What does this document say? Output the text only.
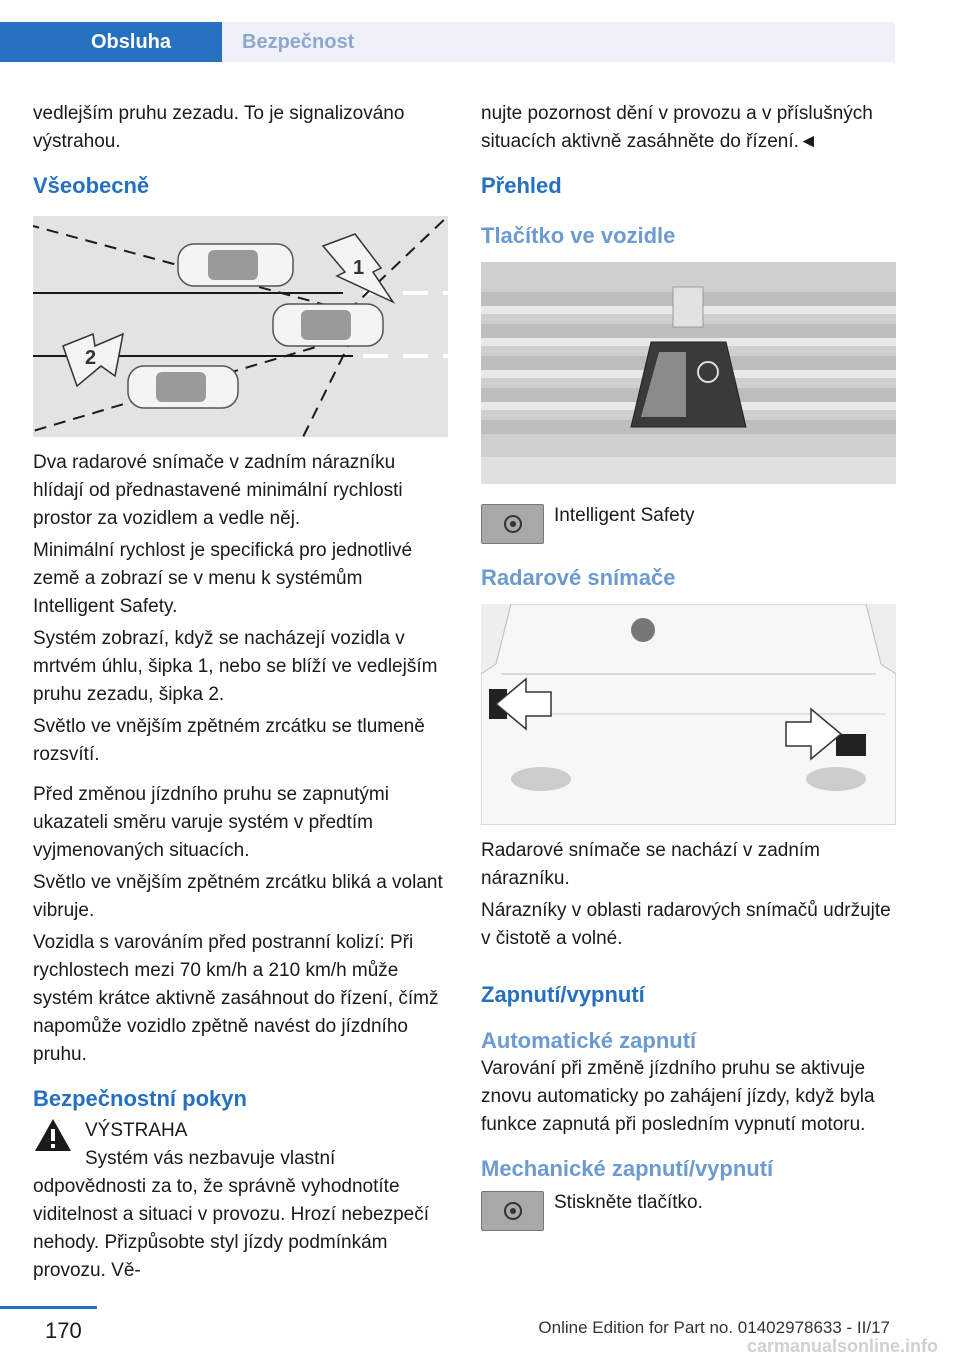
Obsluha	Bezpečnost

vedlejším pruhu zezadu. To je signalizováno výstrahou.

Všeobecně
1
2

Dva radarové snímače v zadním nárazníku hlídají od přednastavené minimální rychlosti prostor za vozidlem a vedle něj.

Minimální rychlost je specifická pro jednotlivé země a zobrazí se v menu k systémům Intelligent Safety.

Systém zobrazí, když se nacházejí vozidla v mrtvém úhlu, šipka 1, nebo se blíží ve vedlejším pruhu zezadu, šipka 2.

Světlo ve vnějším zpětném zrcátku se tlumeně rozsvítí.

Před změnou jízdního pruhu se zapnutými ukazateli směru varuje systém v předtím vyjmenovaných situacích.

Světlo ve vnějším zpětném zrcátku bliká a volant vibruje.

Vozidla s varováním před postranní kolizí: Při rychlostech mezi 70 km/h a 210 km/h může systém krátce aktivně zasáhnout do řízení, čímž napomůže vozidlo zpětně navést do jízdního pruhu.

Bezpečnostní pokyn
VÝSTRAHA

Systém vás nezbavuje vlastní odpovědnosti za to, že správně vyhodnotíte viditelnost a situaci v provozu. Hrozí nebezpečí nehody. Přizpůsobte styl jízdy podmínkám provozu. Vě-

nujte pozornost dění v provozu a v příslušných situacích aktivně zasáhněte do řízení.◄

Přehled
Tlačítko ve vozidle
Intelligent Safety
Radarové snímače

Radarové snímače se nachází v zadním nárazníku.

Nárazníky v oblasti radarových snímačů udržujte v čistotě a volné.

Zapnutí/vypnutí
Automatické zapnutí

Varování při změně jízdního pruhu se aktivuje znovu automaticky po zahájení jízdy, když byla funkce zapnutá při posledním vypnutí motoru.

Mechanické zapnutí/vypnutí
Stiskněte tlačítko.
170	Online Edition for Part no. 01402978633 - II/17
carmanualsonline.info
